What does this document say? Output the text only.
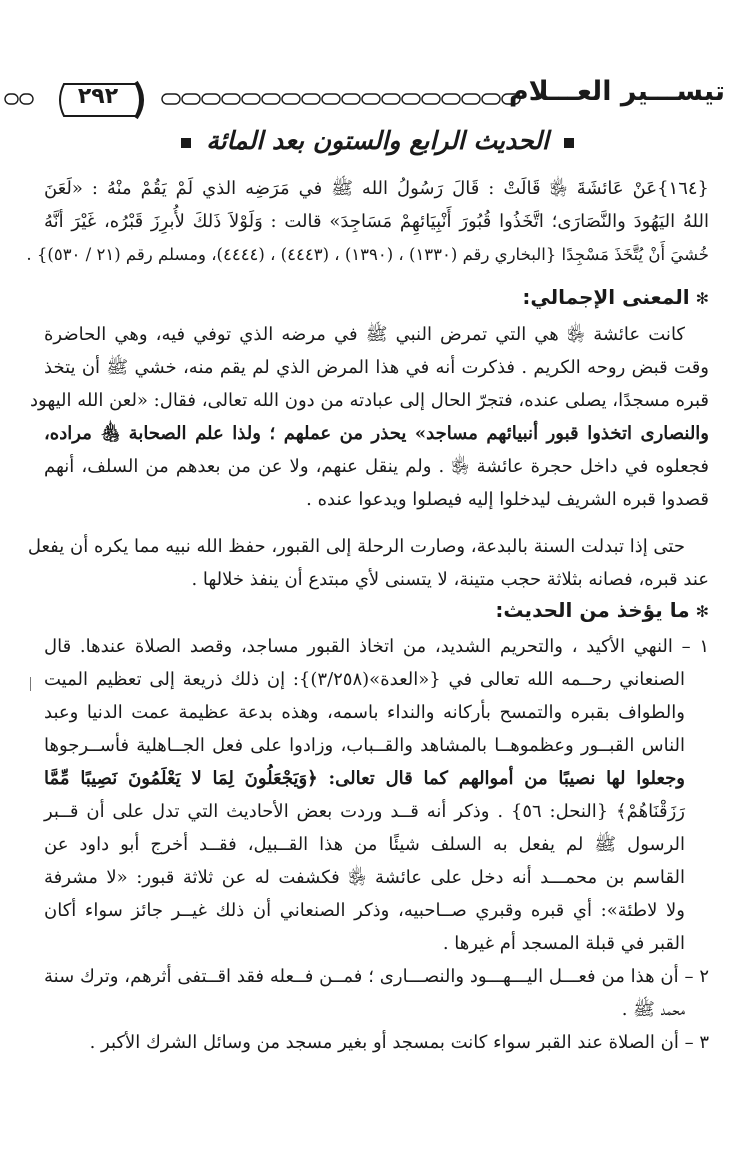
تيســـير العـــلام
٢٩٢
الحديث الرابع والستون بعد المائة
{١٦٤}عَنْ عَائشَةَ ﵂ قَالَتْ : قَالَ رَسُولُ الله ﷺ في مَرَضِه الذي لَمْ يَقُمْ منْهُ : «لَعَنَ
اللهُ اليَهُودَ والنَّصَارَى؛ اتَّخَذُوا قُبُورَ أَنْبِيَائهِمْ مَسَاجِدَ» قالت : وَلَوْلاَ ذَلكَ لأُبرِزَ قَبْرُه، غَيْرَ أنَّهُ
خُشيَ أَنْ يُتَّخَذَ مَسْجِدًا {البخاري رقم (١٣٣٠) ، (١٣٩٠) ، (٤٤٤٣) ، (٤٤٤٤)، ومسلم رقم (٢١ / ٥٣٠)} .
✻المعنى الإجمالي:
كانت عائشة ﵂ هي التي تمرض النبي ﷺ في مرضه الذي توفي فيه، وهي الحاضرة
وقت قبض روحه الكريم . فذكرت أنه في هذا المرض الذي لم يقم منه، خشي ﷺ أن يتخذ
قبره مسجدًا، يصلى عنده، فتجرّ الحال إلى عبادته من دون الله تعالى، فقال: «لعن الله اليهود
والنصارى اتخذوا قبور أنبيائهم مساجد» يحذر من عملهم ؛ ولذا علم الصحابة ﵃ مراده،
فجعلوه في داخل حجرة عائشة ﵂ . ولم ينقل عنهم، ولا عن من بعدهم من السلف، أنهم
قصدوا قبره الشريف ليدخلوا إليه فيصلوا ويدعوا عنده .
حتى إذا تبدلت السنة بالبدعة، وصارت الرحلة إلى القبور، حفظ الله نبيه مما يكره أن يفعل
عند قبره، فصانه بثلاثة حجب متينة، لا يتسنى لأي مبتدع أن ينفذ خلالها .
✻ما يؤخذ من الحديث:
١ – النهي الأكيد ، والتحريم الشديد، من اتخاذ القبور مساجد، وقصد الصلاة عندها. قال
الصنعاني رحــمه الله تعالى في {«العدة»(٣/٢٥٨)}: إن ذلك ذريعة إلى تعظيم الميت
والطواف بقبره والتمسح بأركانه والنداء باسمه، وهذه بدعة عظيمة عمت الدنيا وعبد
الناس القبــور وعظموهــا بالمشاهد والقــباب، وزادوا على فعل الجــاهلية فأســرجوها
وجعلوا لها نصيبًا من أموالهم كما قال تعالى: ﴿وَيَجْعَلُونَ لِمَا لا يَعْلَمُونَ نَصِيبًا مِّمَّا
رَزَقْنَاهُمْ﴾ {النحل: ٥٦} . وذكر أنه قــد وردت بعض الأحاديث التي تدل على أن قــبر
الرسول ﷺ لم يفعل به السلف شيئًا من هذا القــبيل، فقــد أخرج أبو داود عن
القاسم بن محمـــد أنه دخل على عائشة ﵂ فكشفت له عن ثلاثة قبور: «لا مشرفة
ولا لاطئة»: أي قبره وقبري صــاحبيه، وذكر الصنعاني أن ذلك غيــر جائز سواء أكان
القبر في قبلة المسجد أم غيرها .
٢ – أن هذا من فعـــل اليـــهـــود والنصـــارى ؛ فمــن فــعله فقد اقــتفى أثرهم، وترك سنة
محمد ﷺ .
٣ – أن الصلاة عند القبر سواء كانت بمسجد أو بغير مسجد من وسائل الشرك الأكبر .
